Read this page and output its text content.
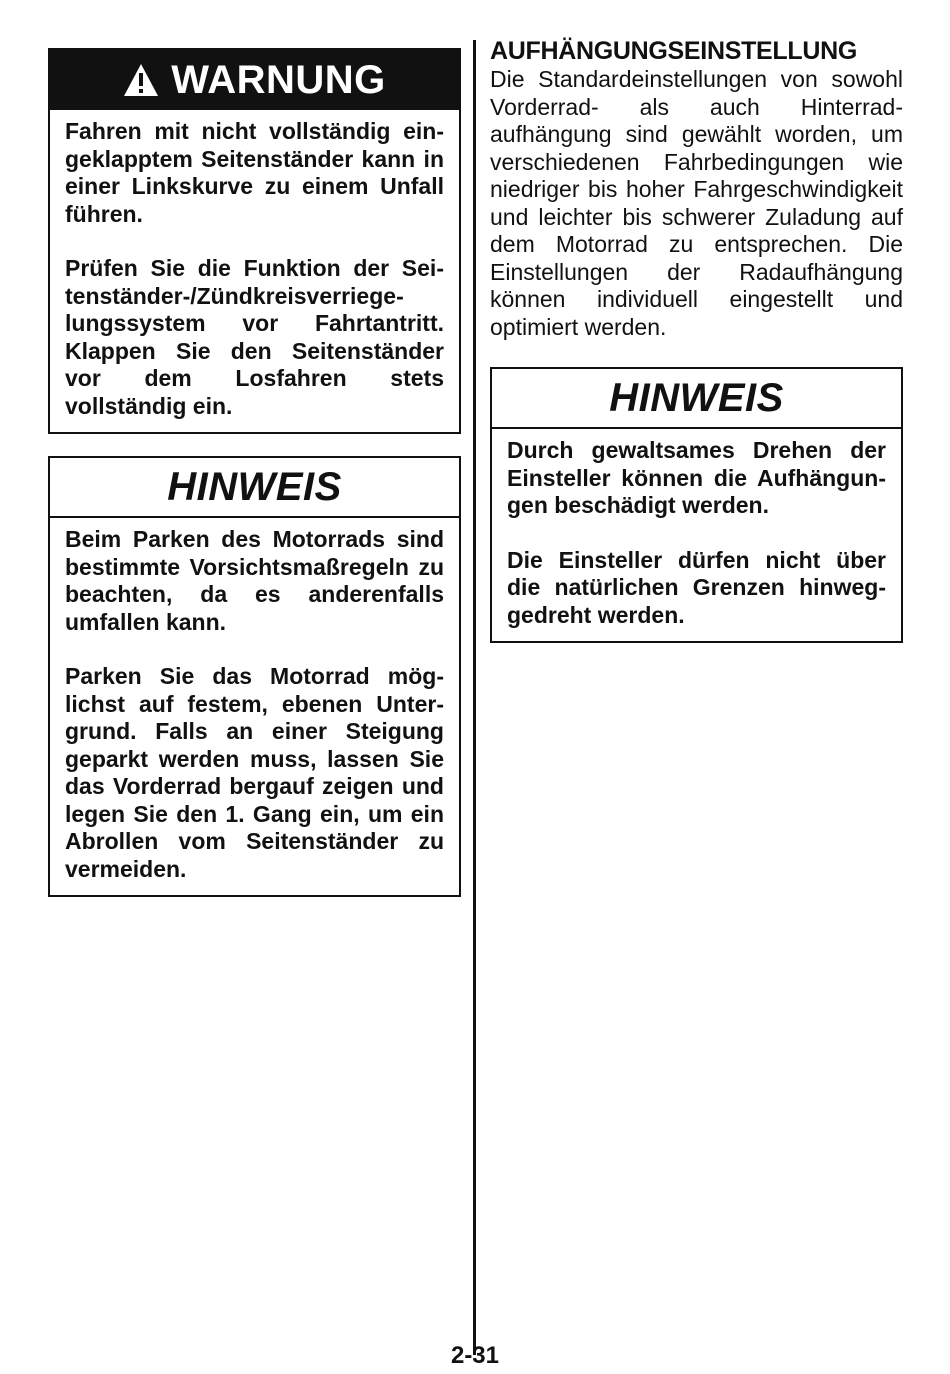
WARNUNG

Fahren mit nicht vollständig eingeklapptem Seitenständer kann in einer Linkskurve zu einem Unfall führen.

Prüfen Sie die Funktion der Seitenständer-/Zündkreisverriegelungssystem vor Fahrtantritt. Klappen Sie den Seitenständer vor dem Losfahren stets vollständig ein.

HINWEIS

Beim Parken des Motorrads sind bestimmte Vorsichtsmaßregeln zu beachten, da es anderenfalls umfallen kann.

Parken Sie das Motorrad möglichst auf festem, ebenen Untergrund. Falls an einer Steigung geparkt werden muss, lassen Sie das Vorderrad bergauf zeigen und legen Sie den 1. Gang ein, um ein Abrollen vom Seitenständer zu vermeiden.

AUFHÄNGUNGSEINSTELLUNG

Die Standardeinstellungen von sowohl Vorderrad- als auch Hinterradaufhängung sind gewählt worden, um verschiedenen Fahrbedingungen wie niedriger bis hoher Fahrgeschwindigkeit und leichter bis schwerer Zuladung auf dem Motorrad zu entsprechen. Die Einstellungen der Radaufhängung können individuell eingestellt und optimiert werden.

HINWEIS

Durch gewaltsames Drehen der Einsteller können die Aufhängungen beschädigt werden.

Die Einsteller dürfen nicht über die natürlichen Grenzen hinweggedreht werden.

2-31
